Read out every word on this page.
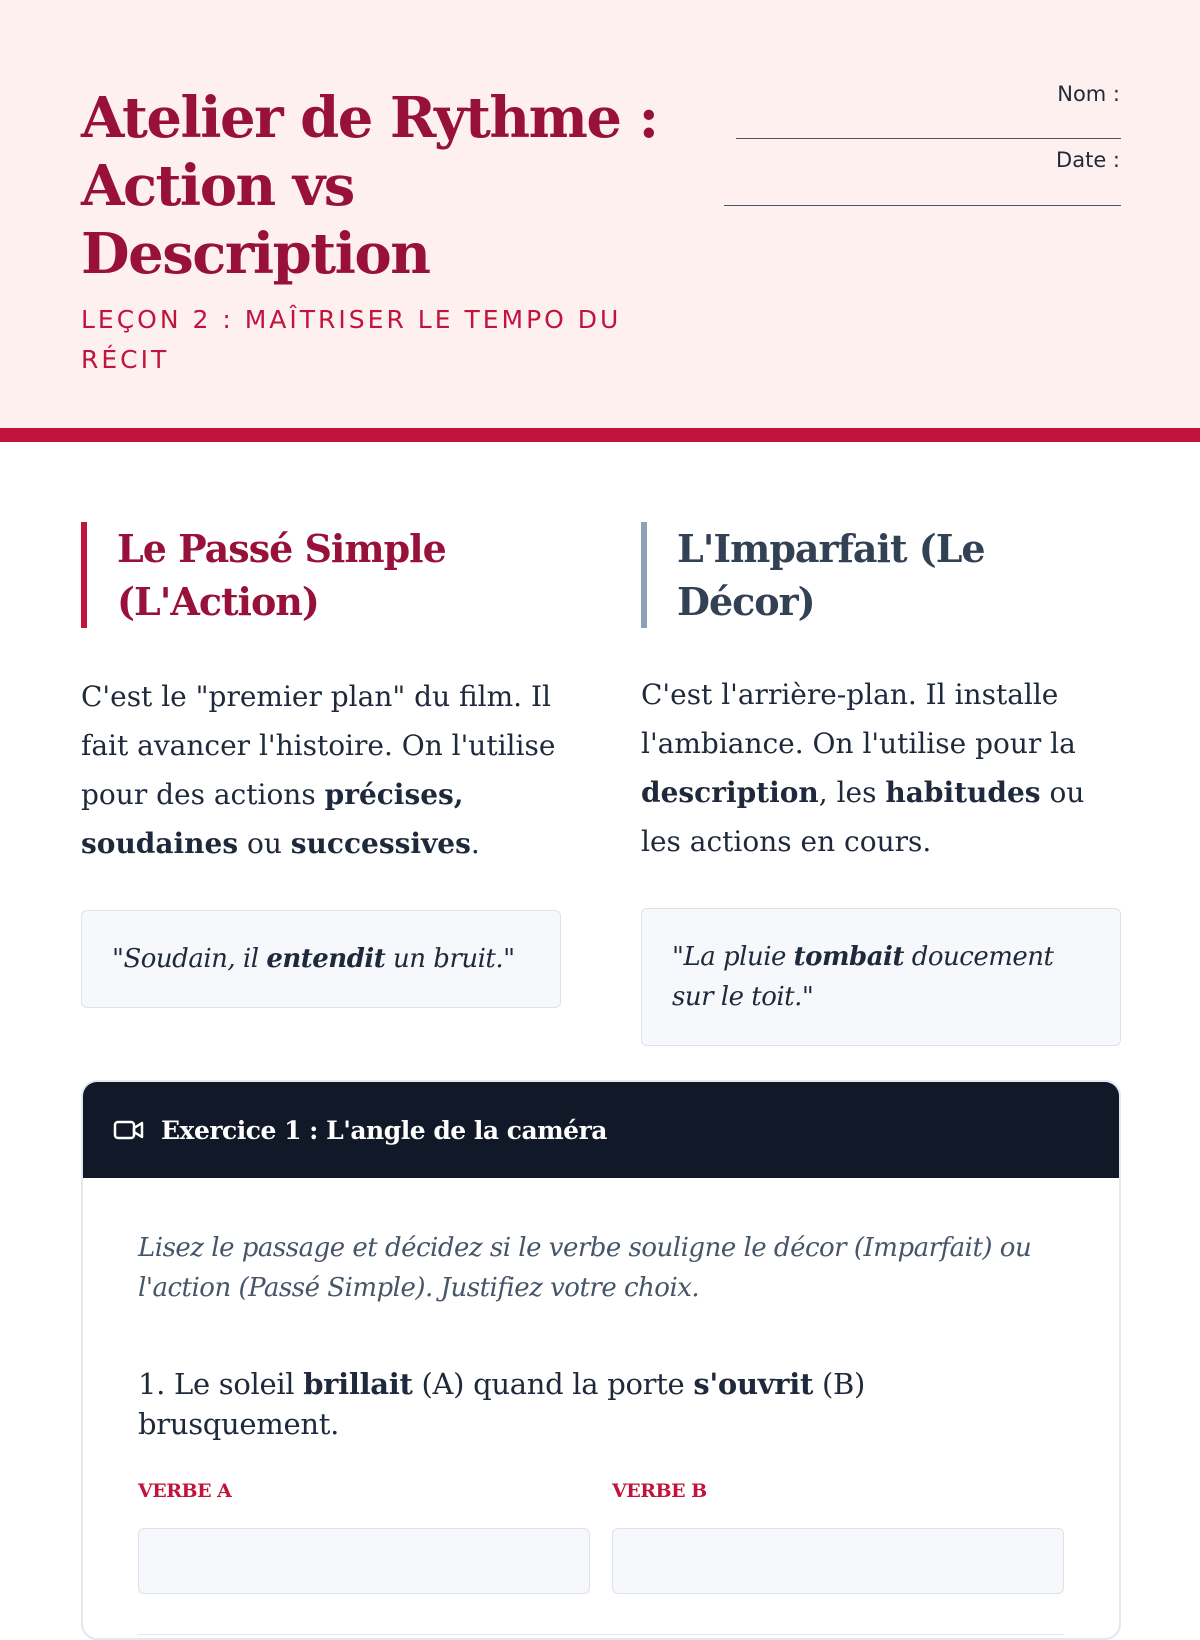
Atelier de Rythme :
Action vs Description
LEÇON 2 : MAÎTRISER LE TEMPO DU RÉCIT
Nom :
Date :
Le Passé Simple
(L'Action)

C'est le "premier plan" du film. Il fait avancer l'histoire. On l'utilise pour des actions précises, soudaines ou successives.

"Soudain, il entendit un bruit."
L'Imparfait (Le Décor)

C'est l'arrière-plan. Il installe l'ambiance. On l'utilise pour la description, les habitudes ou les actions en cours.

"La pluie tombait doucement sur le toit."
Exercice 1 : L'angle de la caméra

Lisez le passage et décidez si le verbe souligne le décor (Imparfait) ou l'action (Passé Simple). Justifiez votre choix.

1. Le soleil brillait (A) quand la porte s'ouvrit (B) brusquement.

VERBE A	VERBE B
